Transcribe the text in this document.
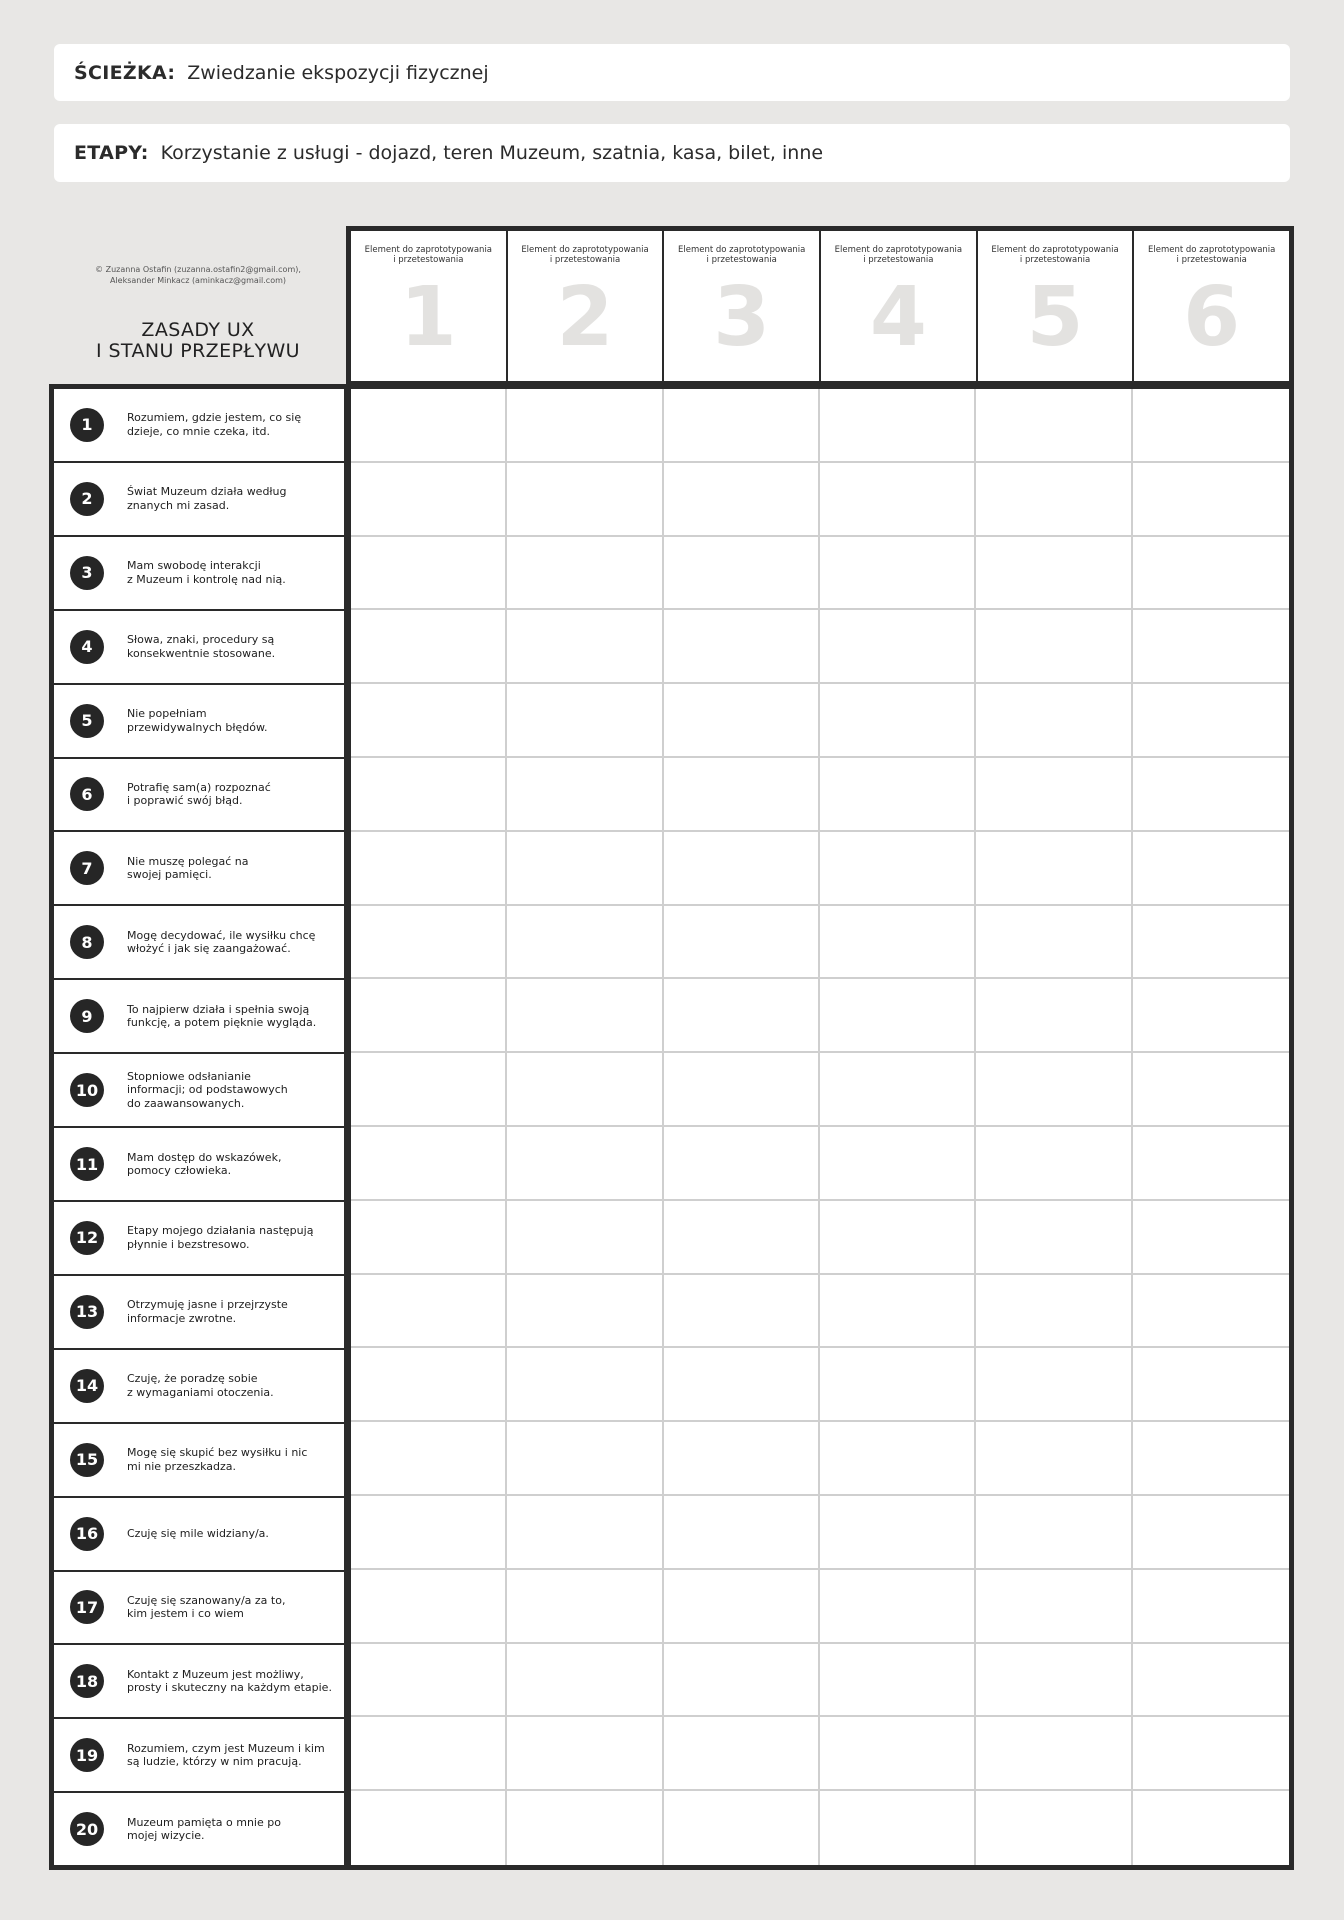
ŚCIEŻKA: Zwiedzanie ekspozycji fizycznej
ETAPY: Korzystanie z usługi - dojazd, teren Muzeum, szatnia, kasa, bilet, inne
© Zuzanna Ostafin (zuzanna.ostafin2@gmail.com),
Aleksander Minkacz (aminkacz@gmail.com)
ZASADY UX
I STANU PRZEPŁYWU
Element do zaprototypowania
i przetestowania
1
Element do zaprototypowania
i przetestowania
2
Element do zaprototypowania
i przetestowania
3
Element do zaprototypowania
i przetestowania
4
Element do zaprototypowania
i przetestowania
5
Element do zaprototypowania
i przetestowania
6
1	Rozumiem, gdzie jestem, co się
dzieje, co mnie czeka, itd.
2	Świat Muzeum działa według
znanych mi zasad.
3	Mam swobodę interakcji
z Muzeum i kontrolę nad nią.
4	Słowa, znaki, procedury są
konsekwentnie stosowane.
5	Nie popełniam
przewidywalnych błędów.
6	Potrafię sam(a) rozpoznać
i poprawić swój błąd.
7	Nie muszę polegać na
swojej pamięci.
8	Mogę decydować, ile wysiłku chcę
włożyć i jak się zaangażować.
9	To najpierw działa i spełnia swoją
funkcję, a potem pięknie wygląda.
10
Stopniowe odsłanianie
informacji; od podstawowych
do zaawansowanych.
11	Mam dostęp do wskazówek,
pomocy człowieka.
12	Etapy mojego działania następują
płynnie i bezstresowo.
13	Otrzymuję jasne i przejrzyste
informacje zwrotne.
14	Czuję, że poradzę sobie
z wymaganiami otoczenia.
15	Mogę się skupić bez wysiłku i nic
mi nie przeszkadza.
16	Czuję się mile widziany/a.
17	Czuję się szanowany/a za to,
kim jestem i co wiem
18	Kontakt z Muzeum jest możliwy,
prosty i skuteczny na każdym etapie.
19	Rozumiem, czym jest Muzeum i kim
są ludzie, którzy w nim pracują.
20	Muzeum pamięta o mnie po
mojej wizycie.
